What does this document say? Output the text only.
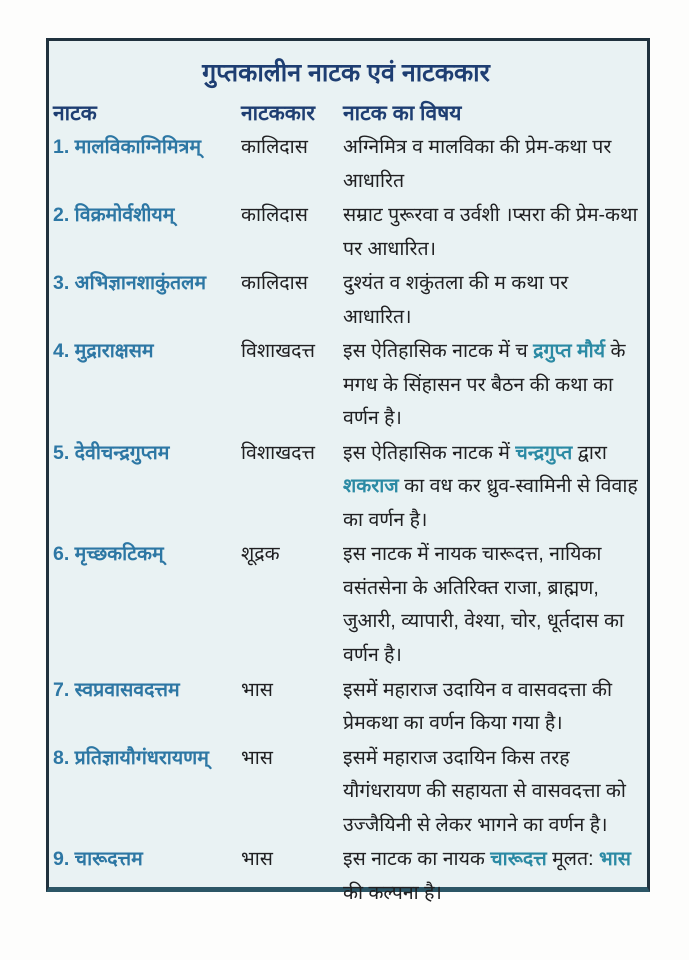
गुप्तकालीन नाटक एवं नाटककार
नाटक	नाटककार	नाटक का विषय
1. मालविकाग्निमित्रम्	कालिदास	अग्निमित्र व मालविका की प्रेम-कथा पर आधारित
2. विक्रमोर्वशीयम्	कालिदास	सम्राट पुरूरवा व उर्वशी ।प्सरा की प्रेम-कथा पर आधारित।
3. अभिज्ञानशाकुंतलम	कालिदास	दुश्यंत व शकुंतला की म कथा पर आधारित।
4. मुद्राराक्षसम	विशाखदत्त	इस ऐतिहासिक नाटक में च द्रगुप्त मौर्य के मगध के सिंहासन पर बैठन की कथा का वर्णन है।
5. देवीचन्द्रगुप्तम	विशाखदत्त	इस ऐतिहासिक नाटक में चन्द्रगुप्त द्वारा शकराज का वध कर ध्रुव-स्वामिनी से विवाह का वर्णन है।
6. मृच्छकटिकम्	शूद्रक	इस नाटक में नायक चारूदत्त, नायिका वसंतसेना के अतिरिक्त राजा, ब्राह्मण, जुआरी, व्यापारी, वेश्या, चोर, धूर्तदास का वर्णन है।
7. स्वप्रवासवदत्तम	भास	इसमें महाराज उदायिन व वासवदत्ता की प्रेमकथा का वर्णन किया गया है।
8. प्रतिज्ञायौगंधरायणम्	भास	इसमें महाराज उदायिन किस तरह यौगंधरायण की सहायता से वासवदत्ता को उज्जैयिनी से लेकर भागने का वर्णन है।
9. चारूदत्तम	भास	इस नाटक का नायक चारूदत्त मूलत: भास की कल्पना है।
